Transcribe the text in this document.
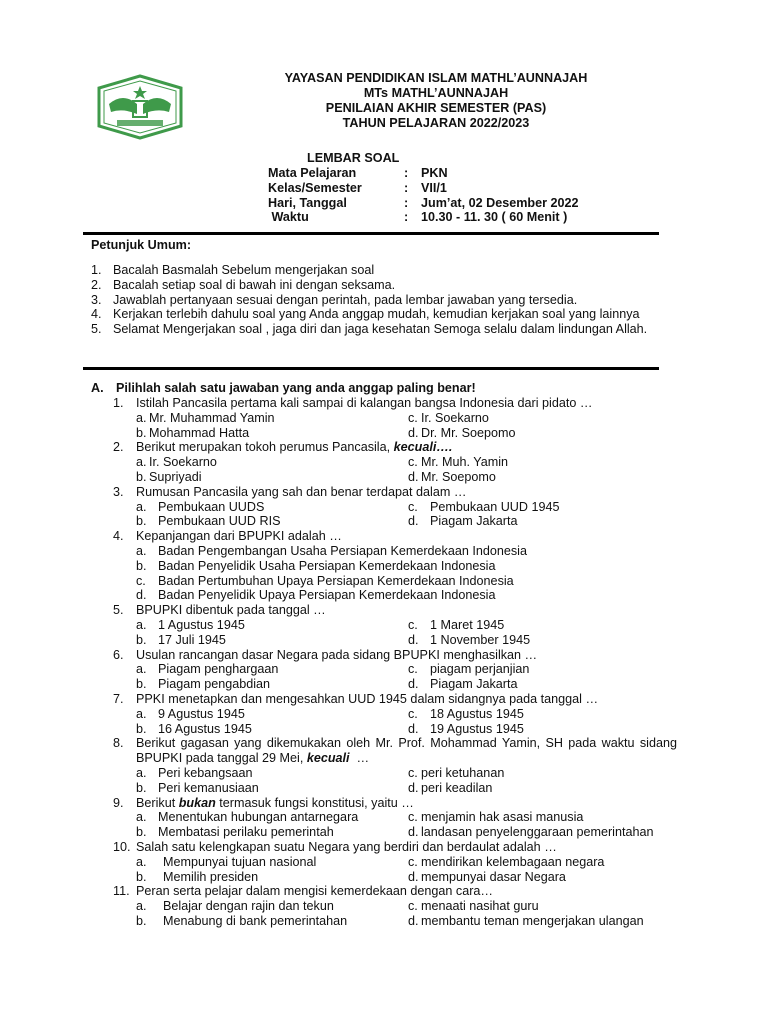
YAYASAN PENDIDIKAN ISLAM MATHL’AUNNAJAH
MTs MATHL’AUNNAJAH
PENILAIAN AKHIR SEMESTER (PAS)
TAHUN PELAJARAN 2022/2023
LEMBAR SOAL
Mata Pelajaran	:	PKN
Kelas/Semester	:	VII/1
Hari, Tanggal	:	Jum’at, 02 Desember 2022
Waktu	:	10.30 - 11. 30 ( 60 Menit )
Petunjuk Umum:
1. Bacalah Basmalah Sebelum mengerjakan soal
2. Bacalah setiap soal di bawah ini dengan seksama.
3. Jawablah pertanyaan sesuai dengan perintah, pada lembar jawaban yang tersedia.
4. Kerjakan terlebih dahulu soal yang Anda anggap mudah, kemudian kerjakan soal yang lainnya
5. Selamat Mengerjakan soal , jaga diri dan jaga kesehatan Semoga selalu dalam lindungan Allah.
A. Pilihlah salah satu jawaban yang anda anggap paling benar!
1. Istilah Pancasila pertama kali sampai di kalangan bangsa Indonesia dari pidato …
a. Mr. Muhammad Yamin	c. Ir. Soekarno
b. Mohammad Hatta	d. Dr. Mr. Soepomo
2. Berikut merupakan tokoh perumus Pancasila, kecuali….
a. Ir. Soekarno	c. Mr. Muh. Yamin
b. Supriyadi	d. Mr. Soepomo
3. Rumusan Pancasila yang sah dan benar terdapat dalam …
a. Pembukaan UUDS	c. Pembukaan UUD 1945
b. Pembukaan UUD RIS	d. Piagam Jakarta
4. Kepanjangan dari BPUPKI adalah …
a. Badan Pengembangan Usaha Persiapan Kemerdekaan Indonesia
b. Badan Penyelidik Usaha Persiapan Kemerdekaan Indonesia
c. Badan Pertumbuhan Upaya Persiapan Kemerdekaan Indonesia
d. Badan Penyelidik Upaya Persiapan Kemerdekaan Indonesia
5. BPUPKI dibentuk pada tanggal …
a. 1 Agustus 1945	c. 1 Maret 1945
b. 17 Juli 1945	d. 1 November 1945
6. Usulan rancangan dasar Negara pada sidang BPUPKI menghasilkan …
a. Piagam penghargaan	c. piagam perjanjian
b. Piagam pengabdian	d. Piagam Jakarta
7. PPKI menetapkan dan mengesahkan UUD 1945 dalam sidangnya pada tanggal …
a. 9 Agustus 1945	c. 18 Agustus 1945
b. 16 Agustus 1945	d. 19 Agustus 1945
8. Berikut gagasan yang dikemukakan oleh Mr. Prof. Mohammad Yamin, SH pada waktu sidang BPUPKI pada tanggal 29 Mei, kecuali  …
a. Peri kebangsaan	c. peri ketuhanan
b. Peri kemanusiaan	d. peri keadilan
9. Berikut bukan termasuk fungsi konstitusi, yaitu …
a. Menentukan hubungan antarnegara	c. menjamin hak asasi manusia
b. Membatasi perilaku pemerintah	d. landasan penyelenggaraan pemerintahan
10. Salah satu kelengkapan suatu Negara yang berdiri dan berdaulat adalah …
a.	Mempunyai tujuan nasional	c. mendirikan kelembagaan negara
b.	Memilih presiden	d. mempunyai dasar Negara
11. Peran serta pelajar dalam mengisi kemerdekaan dengan cara…
a.	Belajar dengan rajin dan tekun	c. menaati nasihat guru
b.	Menabung di bank pemerintahan	d. membantu teman mengerjakan ulangan
